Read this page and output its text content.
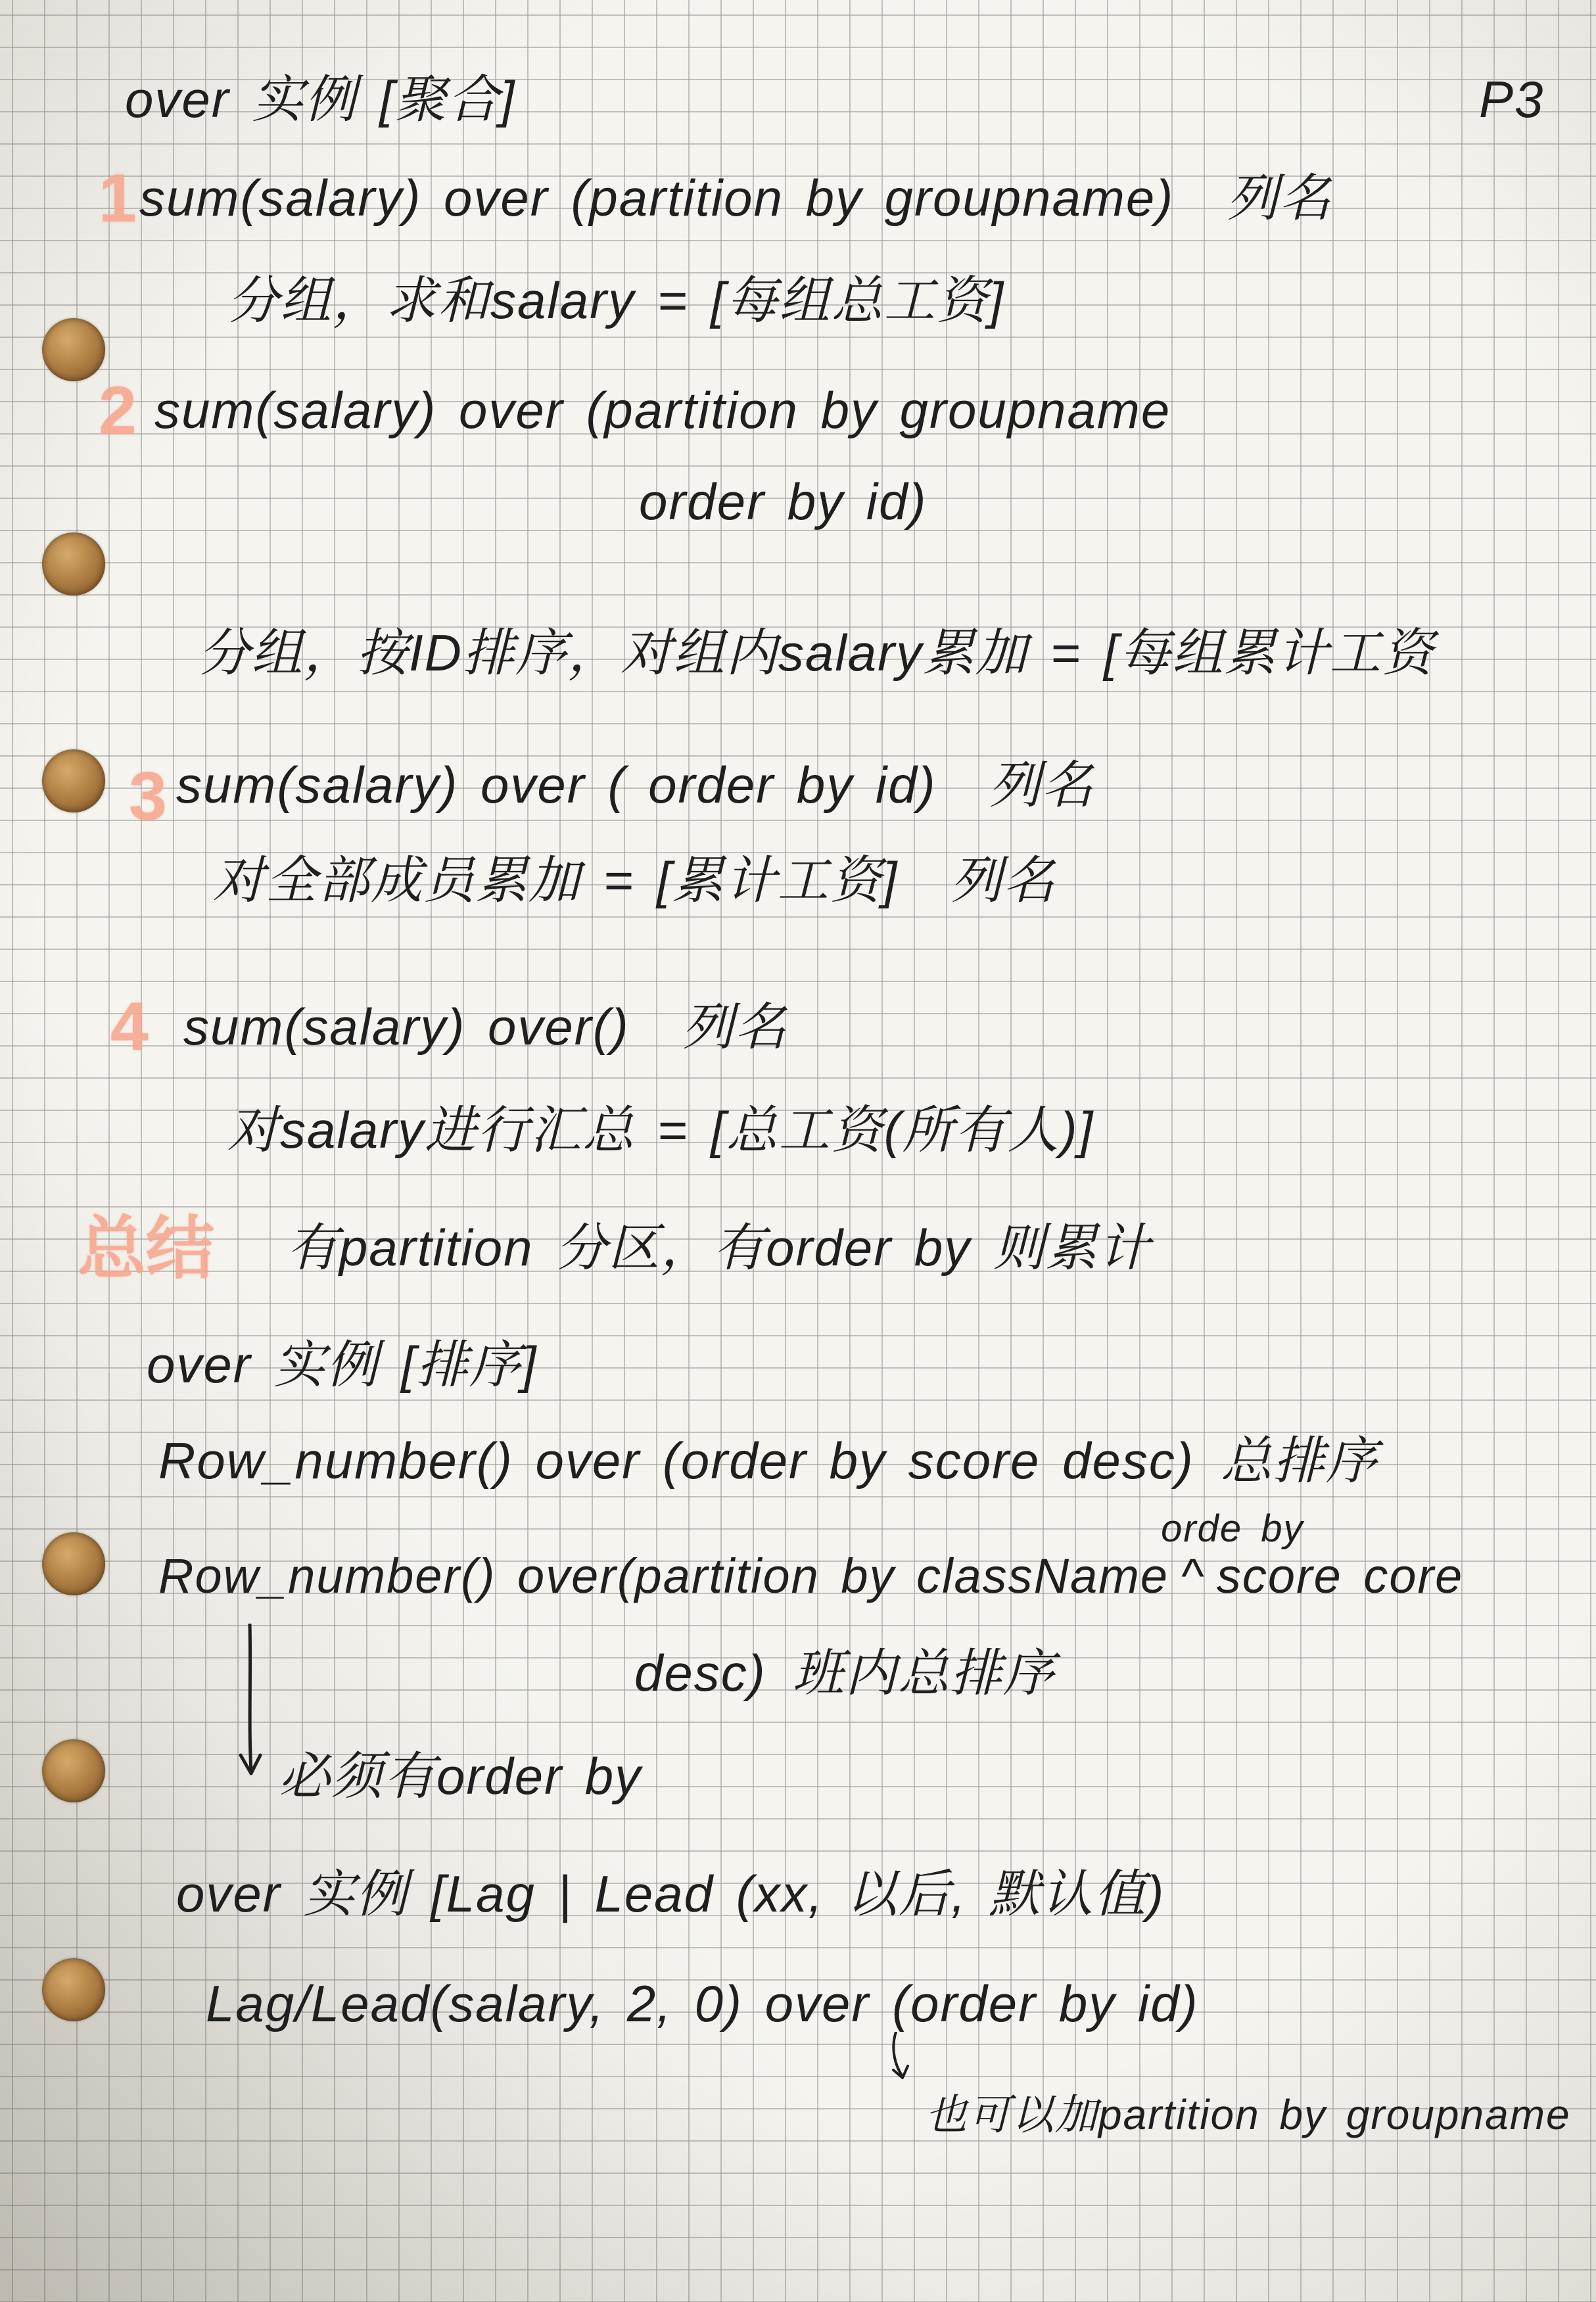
over 实例 [聚合]	P3
1 sum(salary) over (partition by groupname) 列名
分组，求和salary = [每组总工资]
2 sum(salary) over (partition by groupname
order by id)
分组，按ID排序，对组内salary累加 = [每组累计工资
3 sum(salary) over ( order by id) 列名
对全部成员累加 = [累计工资] 列名
4 sum(salary) over() 列名
对salary进行汇总 = [总工资(所有人)]
总结 有partition 分区，有order by 则累计
over 实例 [排序]
Row_number() over (order by score desc) 总排序
Row_number() over(partition by className ^
orde by
score core
desc) 班内总排序
必须有order by
over 实例 [Lag | Lead (xx, 以后, 默认值)
Lag/Lead(salary, 2, 0) over (
order by id)
也可以加partition by groupname
